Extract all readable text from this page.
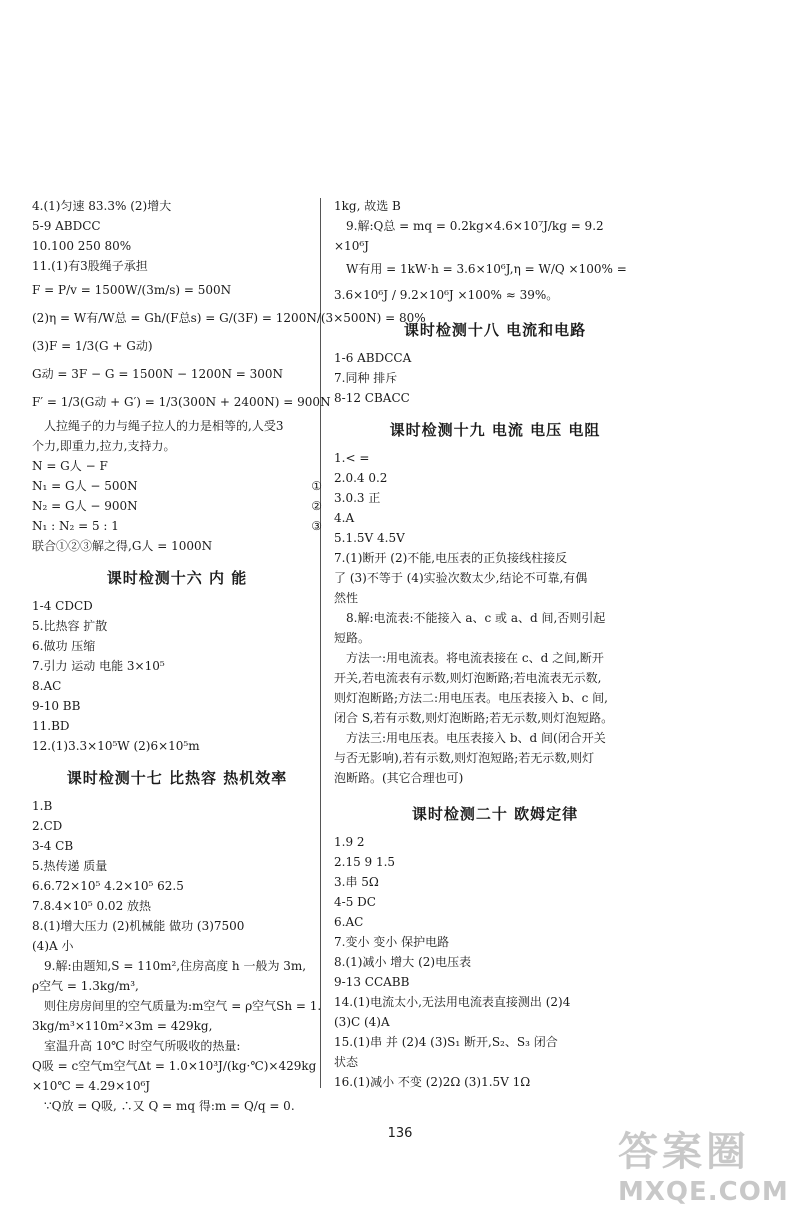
4.(1)匀速 83.3% (2)增大
5-9 ABDCC
10.100 250 80%
11.(1)有3股绳子承担
F = P/v = 1500W/(3m/s) = 500N
(2)η = W有/W总 = Gh/(F总s) = G/(3F) = 1200N/(3×500N) = 80%
(3)F = 1/3(G + G动)
G动 = 3F − G = 1500N − 1200N = 300N
F′ = 1/3(G动 + G′) = 1/3(300N + 2400N) = 900N
人拉绳子的力与绳子拉人的力是相等的,人受3
个力,即重力,拉力,支持力。
N = G人 − F
N₁ = G人 − 500N	①
N₂ = G人 − 900N	②
N₁ : N₂ = 5 : 1	③
联合①②③解之得,G人 = 1000N
课时检测十六 内 能
1-4 CDCD
5.比热容 扩散
6.做功 压缩
7.引力 运动 电能 3×10⁵
8.AC
9-10 BB
11.BD
12.(1)3.3×10⁵W (2)6×10⁵m
课时检测十七 比热容 热机效率
1.B
2.CD
3-4 CB
5.热传递 质量
6.6.72×10⁵ 4.2×10⁵ 62.5
7.8.4×10⁵ 0.02 放热
8.(1)增大压力 (2)机械能 做功 (3)7500
(4)A 小
9.解:由题知,S = 110m²,住房高度 h 一般为 3m,
ρ空气 = 1.3kg/m³,
则住房房间里的空气质量为:m空气 = ρ空气Sh = 1.
3kg/m³×110m²×3m = 429kg,
室温升高 10℃ 时空气所吸收的热量:
Q吸 = c空气m空气Δt = 1.0×10³J/(kg·℃)×429kg
×10℃ = 4.29×10⁶J
∵Q放 = Q吸, ∴又 Q = mq 得:m = Q/q = 0.
1kg, 故选 B
9.解:Q总 = mq = 0.2kg×4.6×10⁷J/kg = 9.2
×10⁶J
W有用 = 1kW·h = 3.6×10⁶J,η = W/Q ×100% =
3.6×10⁶J / 9.2×10⁶J ×100% ≈ 39%。
课时检测十八 电流和电路
1-6 ABDCCA
7.同种 排斥
8-12 CBACC
课时检测十九 电流 电压 电阻
1.< =
2.0.4 0.2
3.0.3 正
4.A
5.1.5V 4.5V
7.(1)断开 (2)不能,电压表的正负接线柱接反
了 (3)不等于 (4)实验次数太少,结论不可靠,有偶
然性
8.解:电流表:不能接入 a、c 或 a、d 间,否则引起
短路。
方法一:用电流表。将电流表接在 c、d 之间,断开
开关,若电流表有示数,则灯泡断路;若电流表无示数,
则灯泡断路;方法二:用电压表。电压表接入 b、c 间,
闭合 S,若有示数,则灯泡断路;若无示数,则灯泡短路。
方法三:用电压表。电压表接入 b、d 间(闭合开关
与否无影响),若有示数,则灯泡短路;若无示数,则灯
泡断路。(其它合理也可)
课时检测二十 欧姆定律
1.9 2
2.15 9 1.5
3.串 5Ω
4-5 DC
6.AC
7.变小 变小 保护电路
8.(1)减小 增大 (2)电压表
9-13 CCABB
14.(1)电流太小,无法用电流表直接测出 (2)4
(3)C (4)A
15.(1)串 并 (2)4 (3)S₁ 断开,S₂、S₃ 闭合
状态
16.(1)减小 不变 (2)2Ω (3)1.5V 1Ω
136	答案圈
MXQE.COM
